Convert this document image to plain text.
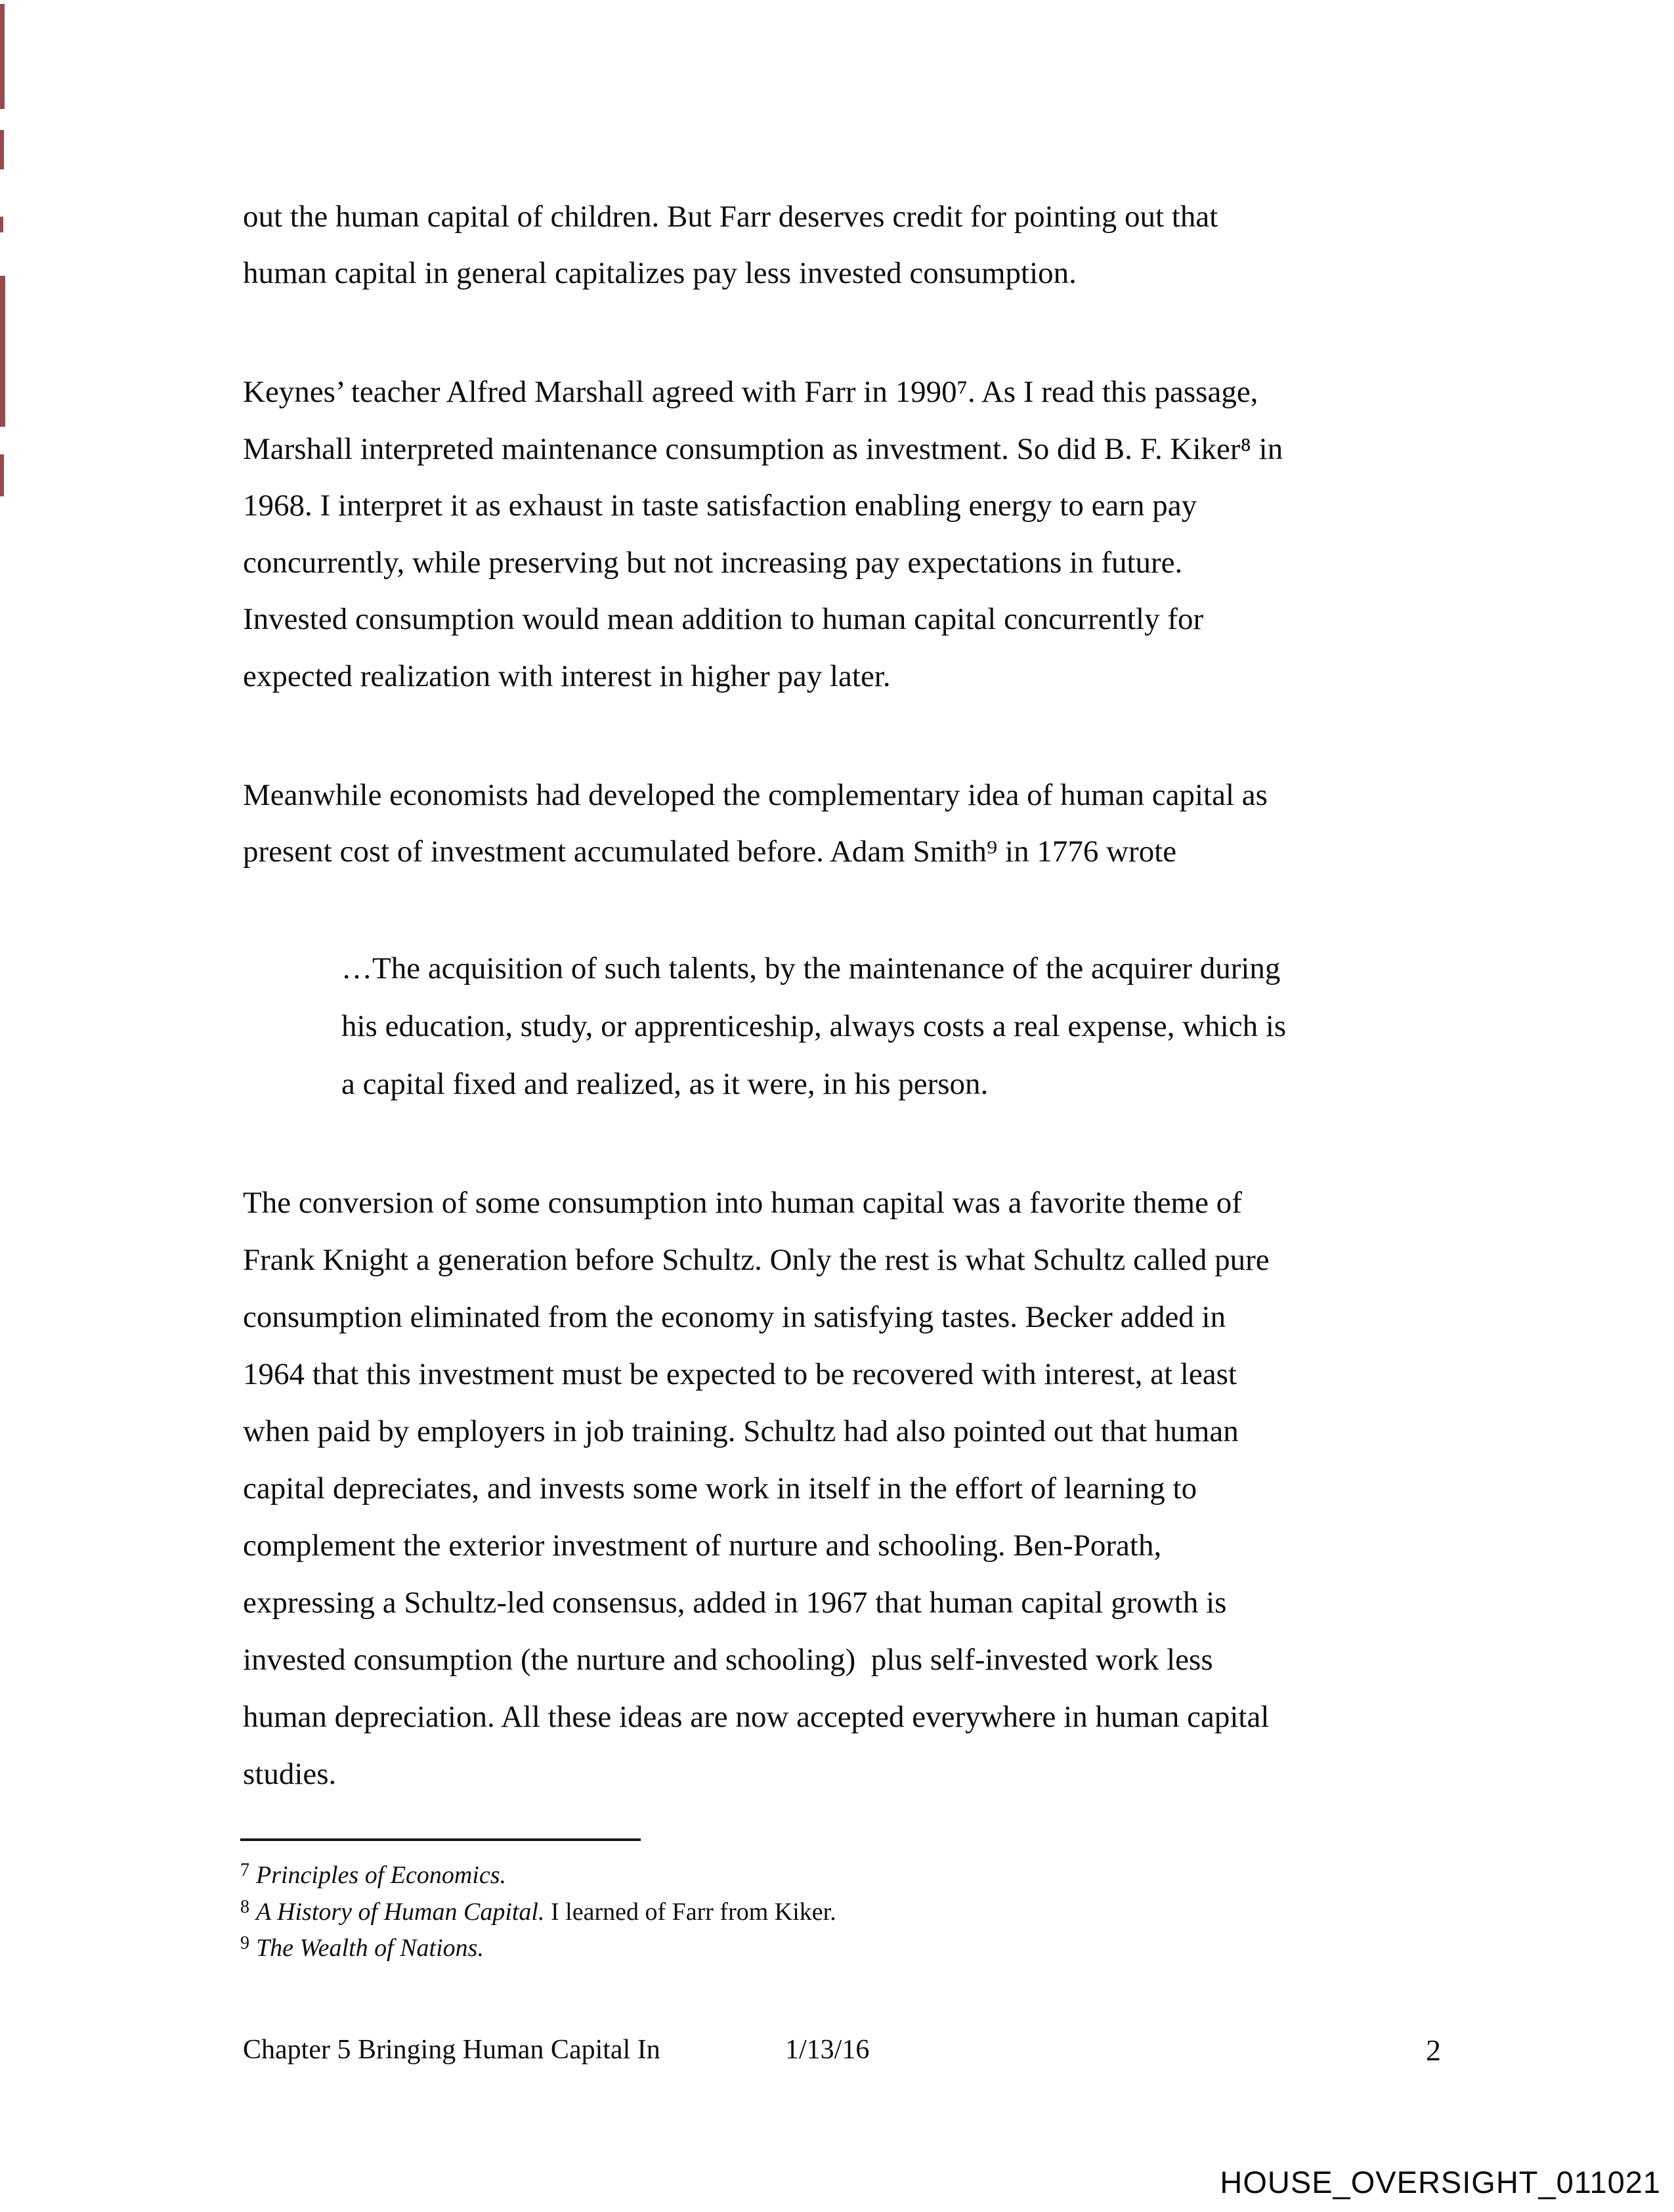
out the human capital of children. But Farr deserves credit for pointing out that
human capital in general capitalizes pay less invested consumption.
Keynes’ teacher Alfred Marshall agreed with Farr in 1990⁷. As I read this passage,
Marshall interpreted maintenance consumption as investment. So did B. F. Kiker⁸ in
1968. I interpret it as exhaust in taste satisfaction enabling energy to earn pay
concurrently, while preserving but not increasing pay expectations in future.
Invested consumption would mean addition to human capital concurrently for
expected realization with interest in higher pay later.
Meanwhile economists had developed the complementary idea of human capital as
present cost of investment accumulated before. Adam Smith⁹ in 1776 wrote
…The acquisition of such talents, by the maintenance of the acquirer during
his education, study, or apprenticeship, always costs a real expense, which is
a capital fixed and realized, as it were, in his person.
The conversion of some consumption into human capital was a favorite theme of
Frank Knight a generation before Schultz. Only the rest is what Schultz called pure
consumption eliminated from the economy in satisfying tastes. Becker added in
1964 that this investment must be expected to be recovered with interest, at least
when paid by employers in job training. Schultz had also pointed out that human
capital depreciates, and invests some work in itself in the effort of learning to
complement the exterior investment of nurture and schooling. Ben-Porath,
expressing a Schultz-led consensus, added in 1967 that human capital growth is
invested consumption (the nurture and schooling)  plus self-invested work less
human depreciation. All these ideas are now accepted everywhere in human capital
studies.
$^7$ Principles of Economics.
$^8$ A History of Human Capital. I learned of Farr from Kiker.
$^9$ The Wealth of Nations.
Chapter 5 Bringing Human Capital In	1/13/16	2
HOUSE_OVERSIGHT_011021
